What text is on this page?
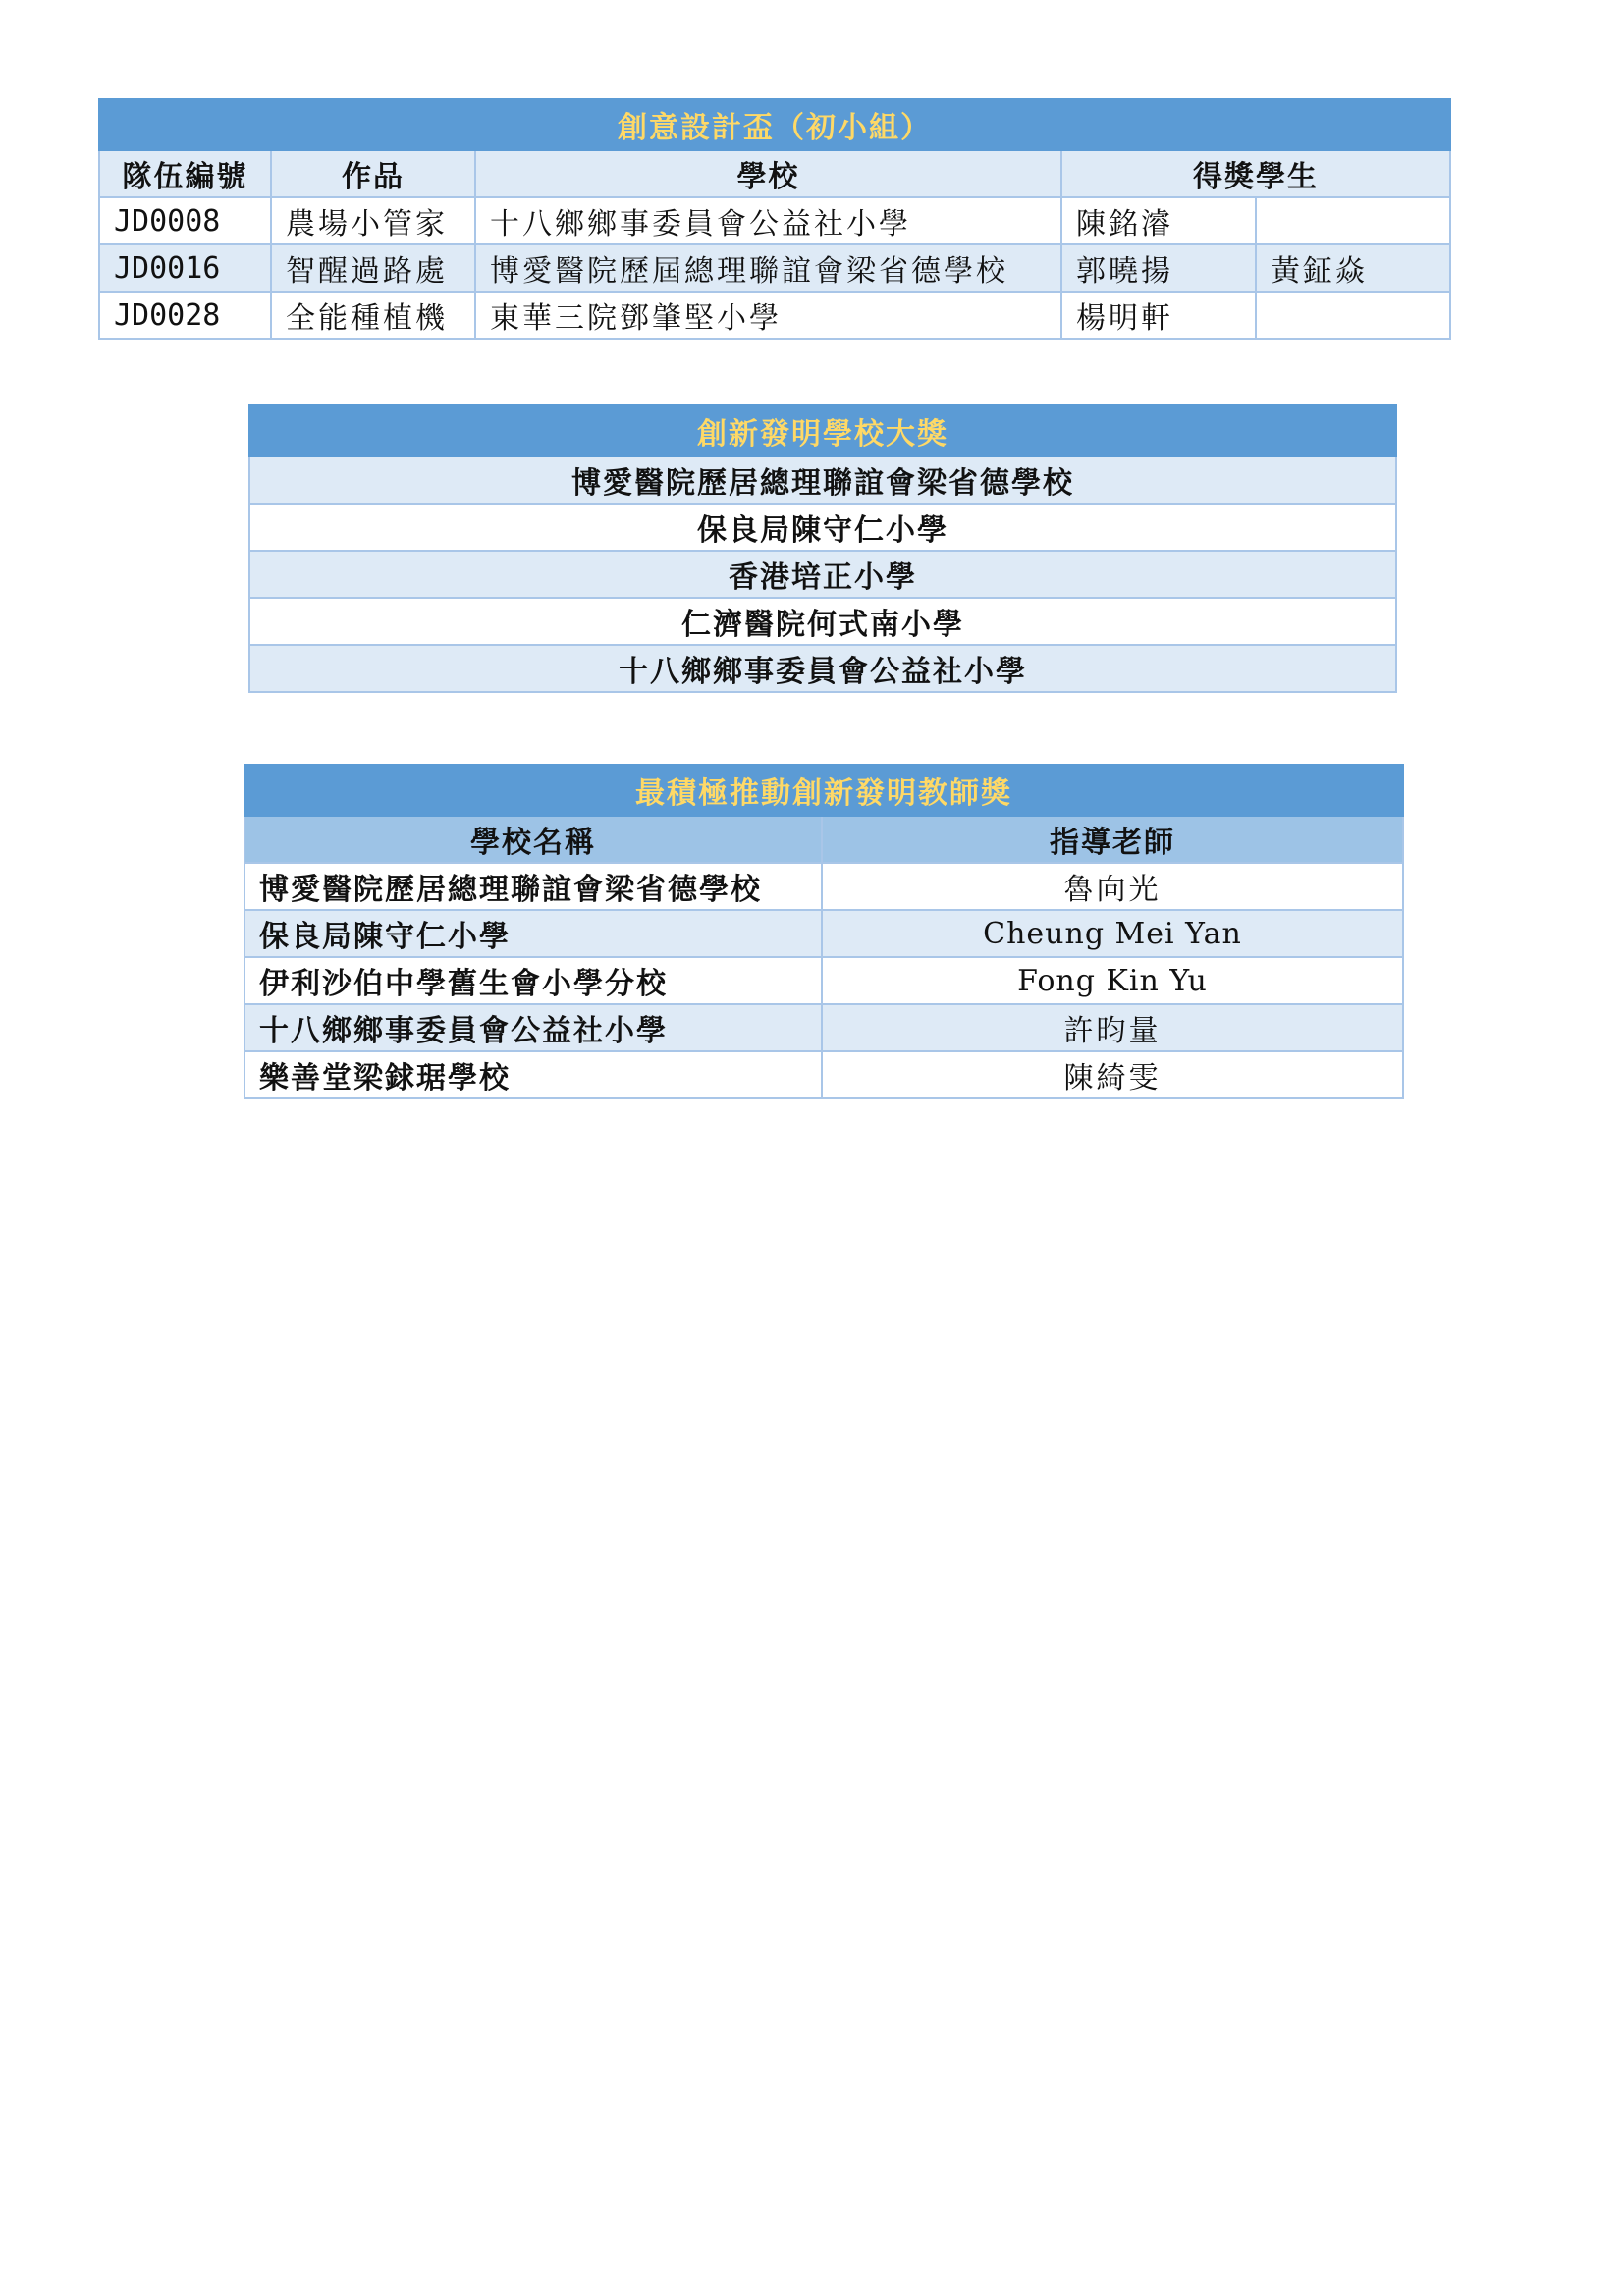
創意設計盃（初小組）				
隊伍編號	作品	學校	得獎學生	
JD0008	農場小管家	十八鄉鄉事委員會公益社小學	陳銘濬	
JD0016	智醒過路處	博愛醫院歷屆總理聯誼會梁省德學校	郭曉揚	黃鉦焱
JD0028	全能種植機	東華三院鄧肇堅小學	楊明軒	
創新發明學校大獎
博愛醫院歷居總理聯誼會梁省德學校
保良局陳守仁小學
香港培正小學
仁濟醫院何式南小學
十八鄉鄉事委員會公益社小學
最積極推動創新發明教師獎	
學校名稱	指導老師
博愛醫院歷居總理聯誼會梁省德學校	魯向光
保良局陳守仁小學	Cheung Mei Yan
伊利沙伯中學舊生會小學分校	Fong Kin Yu
十八鄉鄉事委員會公益社小學	許昀量
樂善堂梁銶琚學校	陳綺雯
